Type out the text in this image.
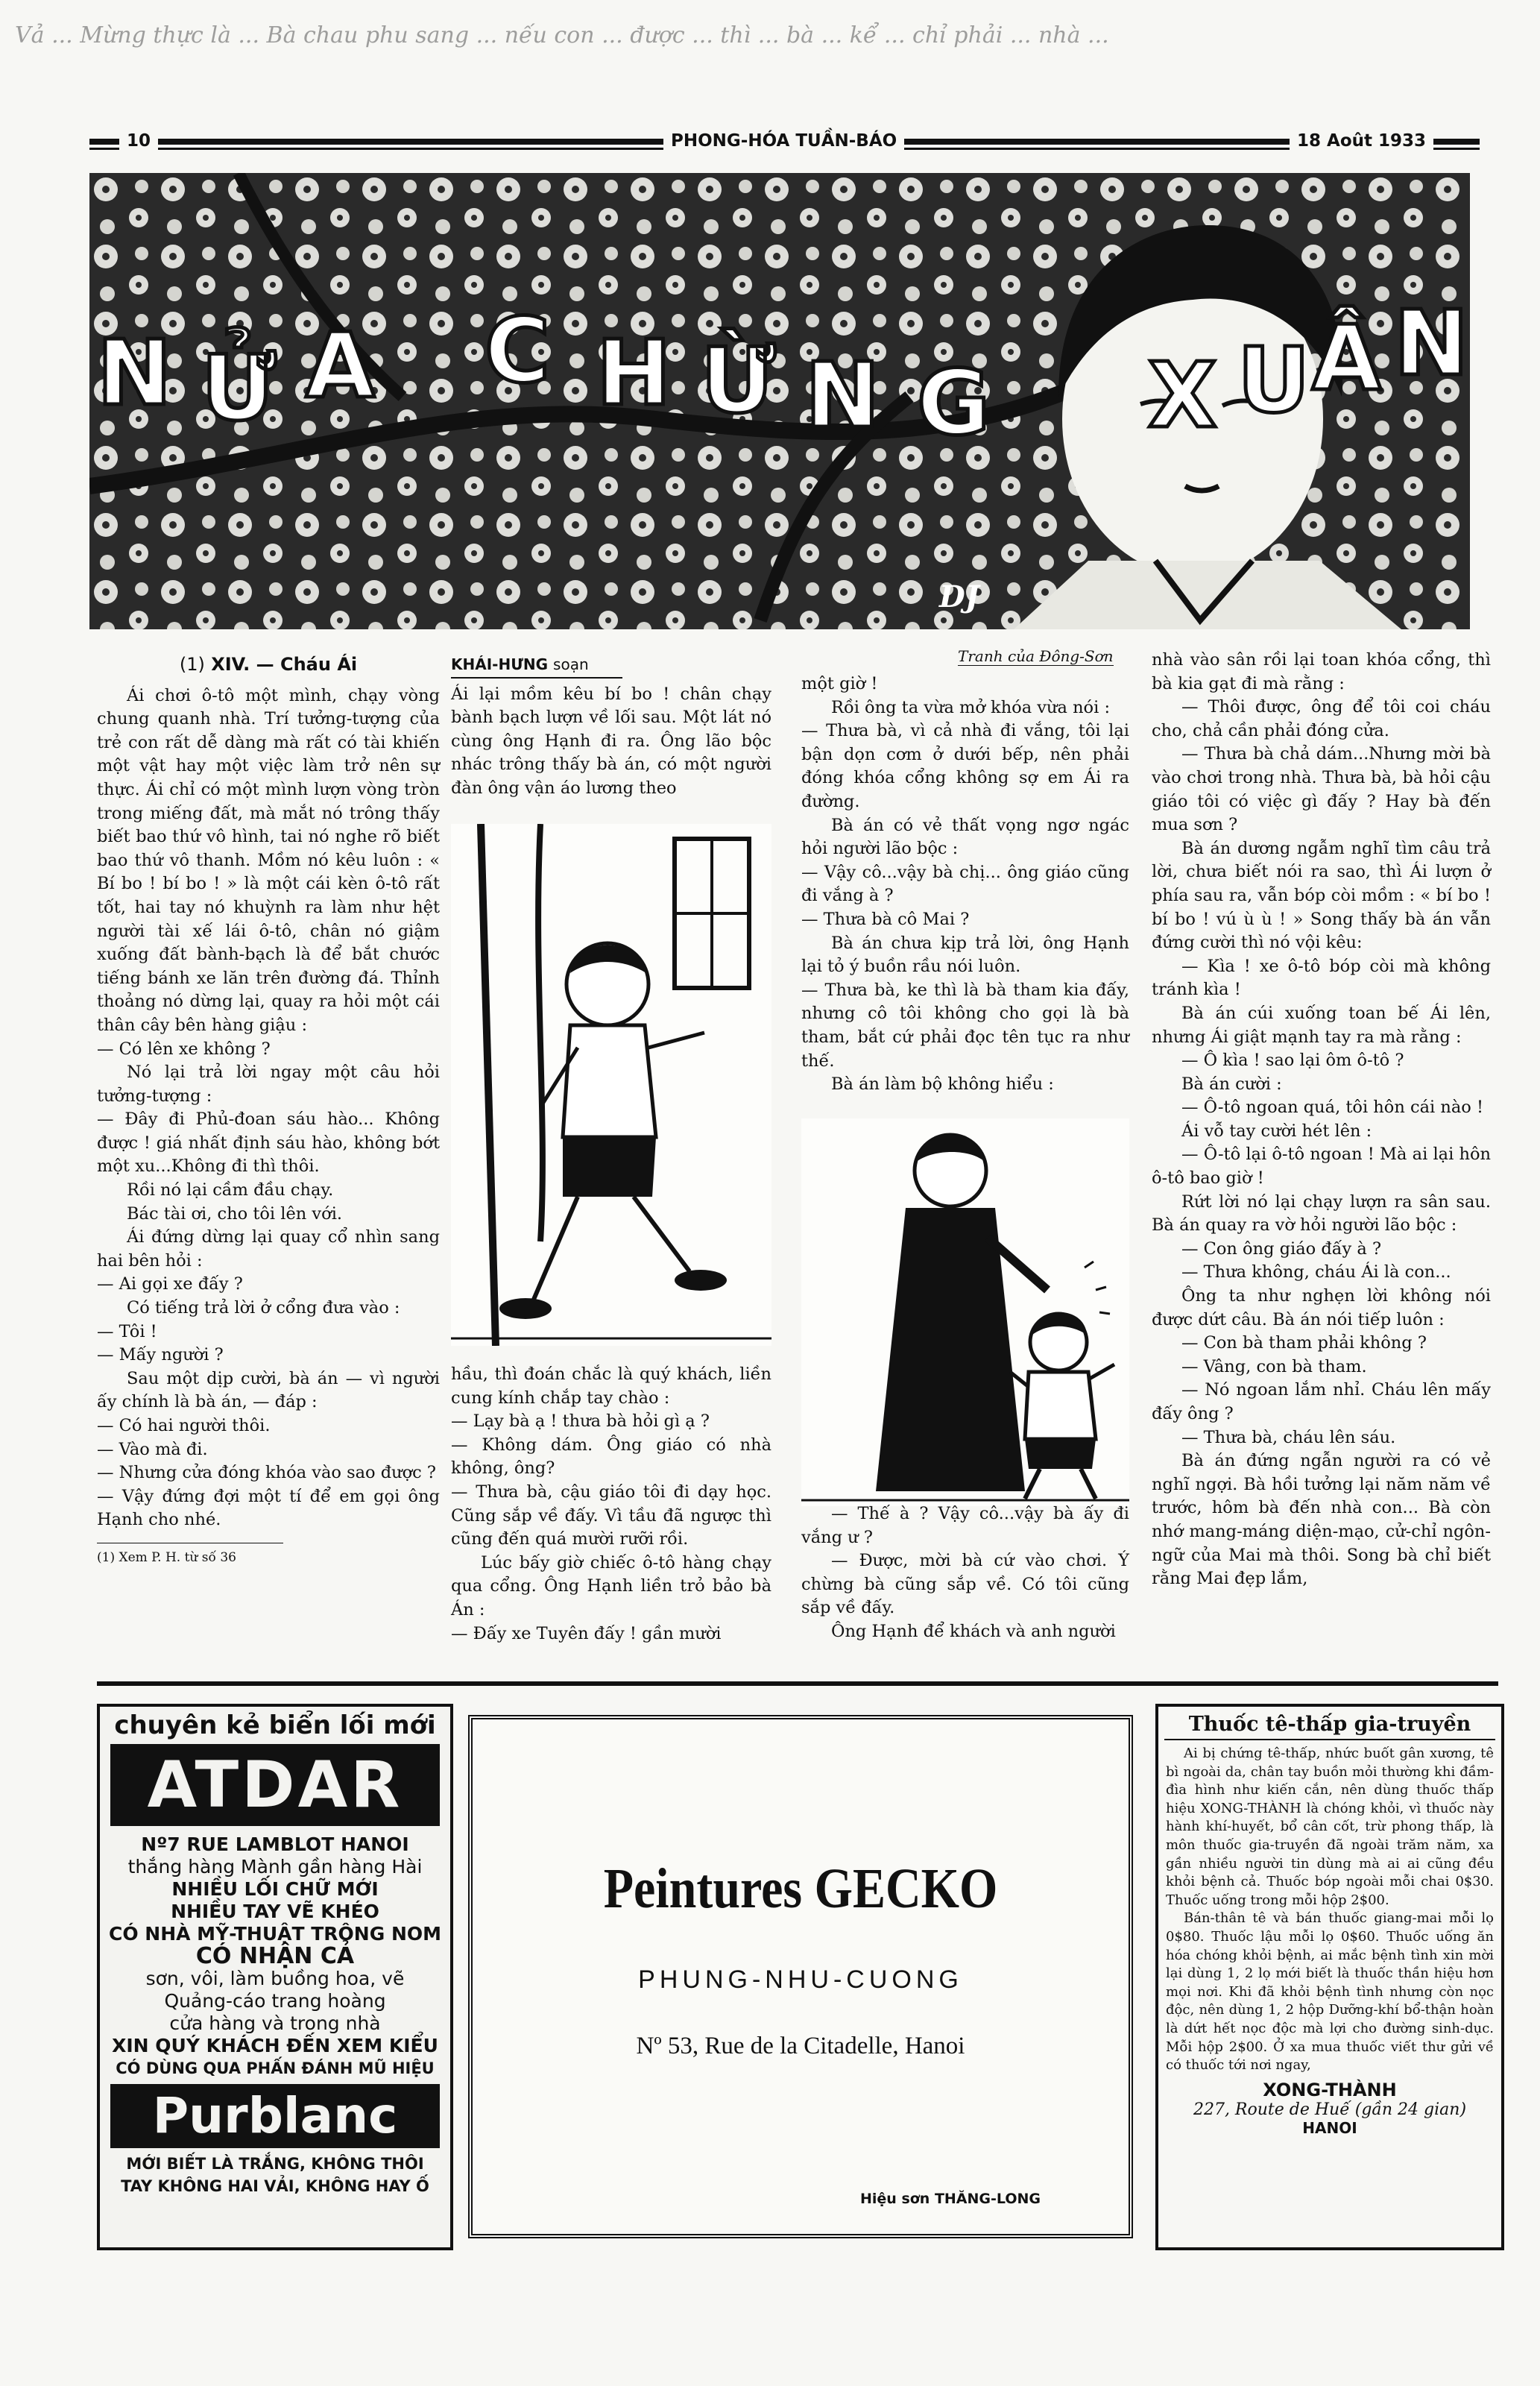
Vả ... Mừng thực là ... Bà chau phu sang ... nếu con ... được ... thì ... bà ... kể ... chỉ phải ... nhà ...
10	PHONG-HÓA TUẦN-BÁO	18 Août 1933
N Ử A C H Ừ N G X U Â N
DJ
(1) XIV. — Cháu Ái

Ái chơi ô-tô một mình, chạy vòng chung quanh nhà. Trí tưởng-tượng của trẻ con rất dễ dàng mà rất có tài khiến một vật hay một việc làm trở nên sự thực. Ái chỉ có một mình lượn vòng tròn trong miếng đất, mà mắt nó trông thấy biết bao thứ vô hình, tai nó nghe rõ biết bao thứ vô thanh. Mồm nó kêu luôn : « Bí bo ! bí bo ! » là một cái kèn ô-tô rất tốt, hai tay nó khuỳnh ra làm như hệt người tài xế lái ô-tô, chân nó giậm xuống đất bành-bạch là để bắt chước tiếng bánh xe lăn trên đường đá. Thỉnh thoảng nó dừng lại, quay ra hỏi một cái thân cây bên hàng giậu :

— Có lên xe không ?

Nó lại trả lời ngay một câu hỏi tưởng-tượng :

— Đây đi Phủ-đoan sáu hào... Không được ! giá nhất định sáu hào, không bớt một xu...Không đi thì thôi.

Rồi nó lại cầm đầu chạy.

Bác tài ơi, cho tôi lên với.

Ái đứng dừng lại quay cổ nhìn sang hai bên hỏi :

— Ai gọi xe đấy ?

Có tiếng trả lời ở cổng đưa vào :

— Tôi !

— Mấy người ?

Sau một dịp cười, bà án — vì người ấy chính là bà án, — đáp :

— Có hai người thôi.

— Vào mà đi.

— Nhưng cửa đóng khóa vào sao được ?

— Vậy đứng đợi một tí để em gọi ông Hạnh cho nhé.

(1) Xem P. H. từ số 36

KHÁI-HƯNG soạn

Ái lại mồm kêu bí bo ! chân chạy bành bạch lượn về lối sau. Một lát nó cùng ông Hạnh đi ra. Ông lão bộc nhác trông thấy bà án, có một người đàn ông vận áo lương theo

hầu, thì đoán chắc là quý khách, liền cung kính chắp tay chào :

— Lạy bà ạ ! thưa bà hỏi gì ạ ?

— Không dám. Ông giáo có nhà không, ông?

— Thưa bà, cậu giáo tôi đi dạy học. Cũng sắp về đấy. Vì tầu đã ngược thì cũng đến quá mười rưỡi rồi.

Lúc bấy giờ chiếc ô-tô hàng chạy qua cổng. Ông Hạnh liền trỏ bảo bà Án :

— Đấy xe Tuyên đấy ! gần mười

Tranh của Đông-Sơn

một giờ !

Rồi ông ta vừa mở khóa vừa nói :

— Thưa bà, vì cả nhà đi vắng, tôi lại bận dọn cơm ở dưới bếp, nên phải đóng khóa cổng không sợ em Ái ra đường.

Bà án có vẻ thất vọng ngơ ngác hỏi người lão bộc :

— Vậy cô...vậy bà chị... ông giáo cũng đi vắng à ?

— Thưa bà cô Mai ?

Bà án chưa kịp trả lời, ông Hạnh lại tỏ ý buồn rầu nói luôn.

— Thưa bà, ke thì là bà tham kia đấy, nhưng cô tôi không cho gọi là bà tham, bắt cứ phải đọc tên tục ra như thế.

Bà án làm bộ không hiểu :

— Thế à ? Vậy cô...vậy bà ấy đi vắng ư ?

— Được, mời bà cứ vào chơi. Ý chừng bà cũng sắp về. Có tôi cũng sắp về đấy.

Ông Hạnh để khách và anh người

nhà vào sân rồi lại toan khóa cổng, thì bà kia gạt đi mà rằng :

— Thôi được, ông để tôi coi cháu cho, chả cần phải đóng cửa.

— Thưa bà chả dám...Nhưng mời bà vào chơi trong nhà. Thưa bà, bà hỏi cậu giáo tôi có việc gì đấy ? Hay bà đến mua sơn ?

Bà án dương ngẫm nghĩ tìm câu trả lời, chưa biết nói ra sao, thì Ái lượn ở phía sau ra, vẫn bóp còi mồm : « bí bo ! bí bo ! vú ù ù ! » Song thấy bà án vẫn đứng cười thì nó vội kêu:

— Kìa ! xe ô-tô bóp còi mà không tránh kìa !

Bà án cúi xuống toan bế Ái lên, nhưng Ái giật mạnh tay ra mà rằng :

— Ô kìa ! sao lại ôm ô-tô ?

Bà án cười :

— Ô-tô ngoan quá, tôi hôn cái nào !

Ái vỗ tay cười hét lên :

— Ô-tô lại ô-tô ngoan ! Mà ai lại hôn ô-tô bao giờ !

Rứt lời nó lại chạy lượn ra sân sau. Bà án quay ra vờ hỏi người lão bộc :

— Con ông giáo đấy à ?

— Thưa không, cháu Ái là con...

Ông ta như nghẹn lời không nói được dứt câu. Bà án nói tiếp luôn :

— Con bà tham phải không ?

— Vâng, con bà tham.

— Nó ngoan lắm nhỉ. Cháu lên mấy đấy ông ?

— Thưa bà, cháu lên sáu.

Bà án đứng ngẫn người ra có vẻ nghĩ ngợi. Bà hồi tưởng lại năm năm về trước, hôm bà đến nhà con... Bà còn nhớ mang-máng diện-mạo, cử-chỉ ngôn-ngữ của Mai mà thôi. Song bà chỉ biết rằng Mai đẹp lắm,

chuyên kẻ biển lối mới
ATDAR
Nº7 RUE LAMBLOT HANOI
thắng hàng Mành gần hàng Hài
NHIỀU LỐI CHỮ MỚI
NHIỀU TAY VẼ KHÉO
CÓ NHÀ MỸ-THUẬT TRÔNG NOM
CÓ NHẬN CẢ
sơn, vôi, làm buồng hoa, vẽ
Quảng-cáo trang hoàng
cửa hàng và trong nhà
XIN QUÝ KHÁCH ĐẾN XEM KIỂU
CÓ DÙNG QUA PHẤN ĐÁNH MŨ HIỆU
Purblanc
MỚI BIẾT LÀ TRẮNG, KHÔNG THÔI
TAY KHÔNG HAI VẢI, KHÔNG HAY Ố
Peintures GECKO
PHUNG-NHU-CUONG
Nº 53, Rue de la Citadelle, Hanoi
Hiệu sơn THĂNG-LONG
Thuốc tê-thấp gia-truyền

Ai bị chứng tê-thấp, nhức buốt gân xương, tê bì ngoài da, chân tay buồn mỏi thường khi đầm-đìa hình như kiến cắn, nên dùng thuốc thấp hiệu XONG-THÀNH là chóng khỏi, vì thuốc này hành khí-huyết, bổ cân cốt, trừ phong thấp, là môn thuốc gia-truyền đã ngoài trăm năm, xa gần nhiều người tin dùng mà ai ai cũng đều khỏi bệnh cả. Thuốc bóp ngoài mỗi chai 0$30. Thuốc uống trong mỗi hộp 2$00.

Bán-thân tê và bán thuốc giang-mai mỗi lọ 0$80. Thuốc lậu mỗi lọ 0$60. Thuốc uống ăn hóa chóng khỏi bệnh, ai mắc bệnh tình xin mời lại dùng 1, 2 lọ mới biết là thuốc thần hiệu hơn mọi nơi. Khi đã khỏi bệnh tình nhưng còn nọc độc, nên dùng 1, 2 hộp Dưỡng-khí bổ-thận hoàn là dứt hết nọc độc mà lợi cho đường sinh-dục. Mỗi hộp 2$00. Ở xa mua thuốc viết thư gửi về có thuốc tới nơi ngay,

XONG-THÀNH
227, Route de Huế (gần 24 gian)
HANOI
